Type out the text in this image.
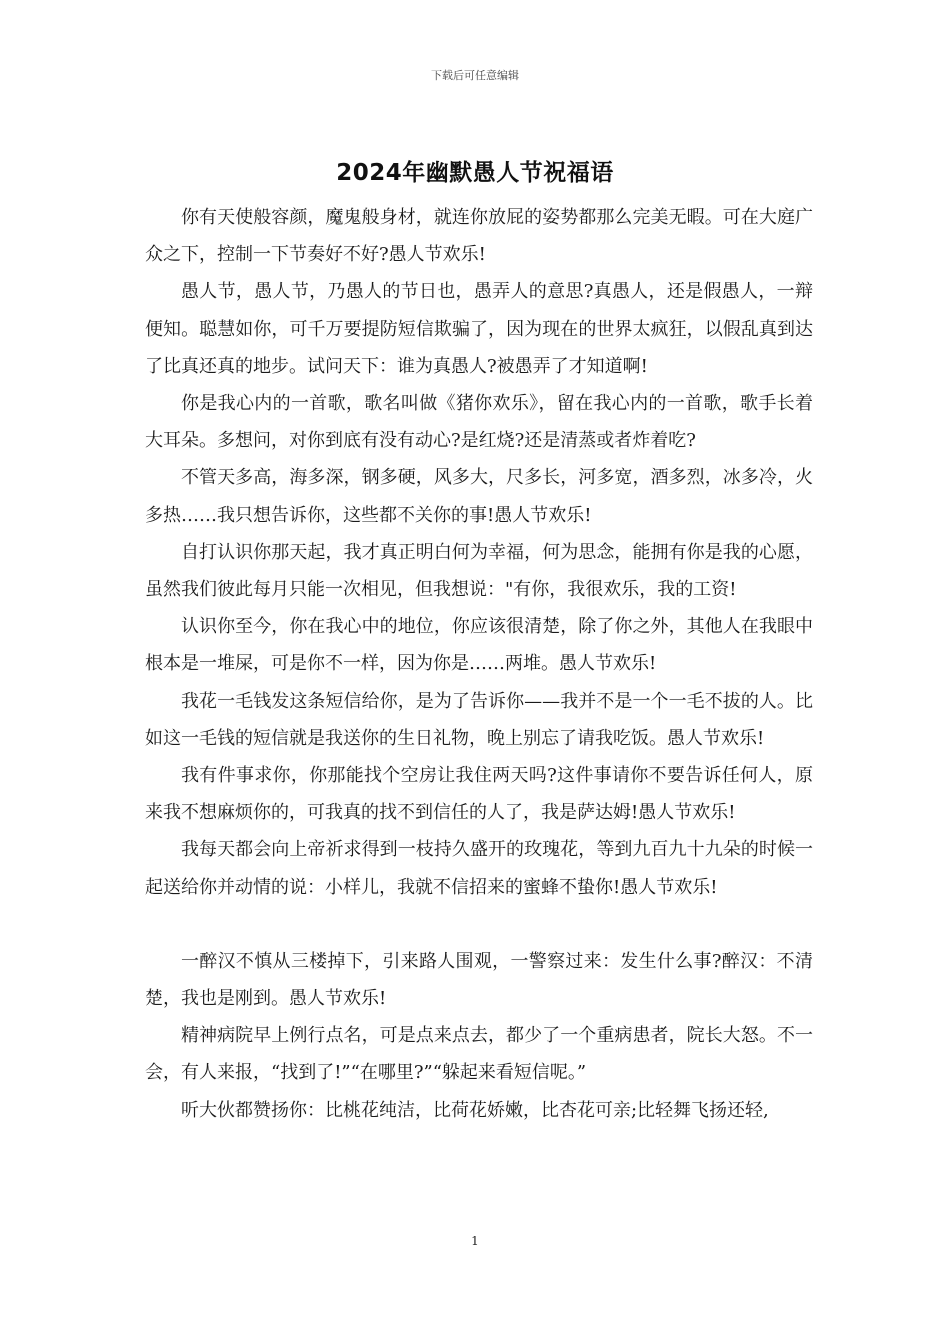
下载后可任意编辑
2024年幽默愚人节祝福语

你有天使般容颜，魔鬼般身材，就连你放屁的姿势都那么完美无暇。可在大庭广众之下，控制一下节奏好不好?愚人节欢乐!

愚人节，愚人节，乃愚人的节日也，愚弄人的意思?真愚人，还是假愚人，一辩便知。聪慧如你，可千万要提防短信欺骗了，因为现在的世界太疯狂，以假乱真到达了比真还真的地步。试问天下：谁为真愚人?被愚弄了才知道啊!

你是我心内的一首歌，歌名叫做《猪你欢乐》，留在我心内的一首歌，歌手长着大耳朵。多想问，对你到底有没有动心?是红烧?还是清蒸或者炸着吃?

不管天多高，海多深，钢多硬，风多大，尺多长，河多宽，酒多烈，冰多冷，火多热……我只想告诉你，这些都不关你的事!愚人节欢乐!

自打认识你那天起，我才真正明白何为幸福，何为思念，能拥有你是我的心愿，虽然我们彼此每月只能一次相见，但我想说："有你，我很欢乐，我的工资!

认识你至今，你在我心中的地位，你应该很清楚，除了你之外，其他人在我眼中根本是一堆屎，可是你不一样，因为你是……两堆。愚人节欢乐!

我花一毛钱发这条短信给你，是为了告诉你——我并不是一个一毛不拔的人。比如这一毛钱的短信就是我送你的生日礼物，晚上别忘了请我吃饭。愚人节欢乐!

我有件事求你，你那能找个空房让我住两天吗?这件事请你不要告诉任何人，原来我不想麻烦你的，可我真的找不到信任的人了，我是萨达姆!愚人节欢乐!

我每天都会向上帝祈求得到一枝持久盛开的玫瑰花，等到九百九十九朵的时候一起送给你并动情的说：小样儿，我就不信招来的蜜蜂不蛰你!愚人节欢乐!

一醉汉不慎从三楼掉下，引来路人围观，一警察过来：发生什么事?醉汉：不清楚，我也是刚到。愚人节欢乐!

精神病院早上例行点名，可是点来点去，都少了一个重病患者，院长大怒。不一会，有人来报，“找到了!”“在哪里?”“躲起来看短信呢。”

听大伙都赞扬你：比桃花纯洁，比荷花娇嫩，比杏花可亲;比轻舞飞扬还轻,

1
